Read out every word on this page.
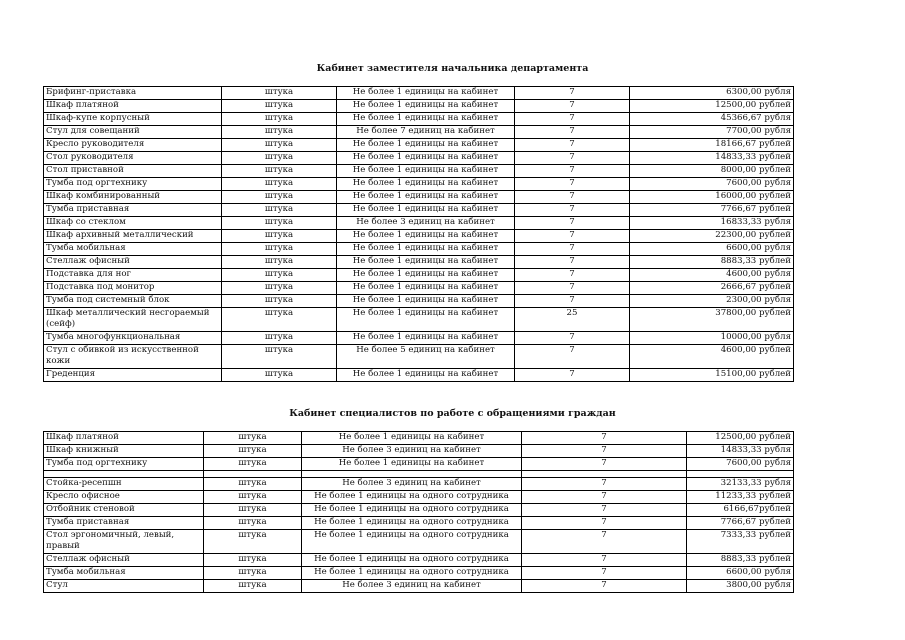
Кабинет заместителя начальника департамента
Брифинг-приставка	штука	Не более 1 единицы на кабинет	7	6300,00 рубля
Шкаф платяной	штука	Не более 1 единицы на кабинет	7	12500,00 рублей
Шкаф-купе корпусный	штука	Не более 1 единицы на кабинет	7	45366,67 рубля
Стул для совещаний	штука	Не более 7 единиц на кабинет	7	7700,00 рубля
Кресло руководителя	штука	Не более 1 единицы на кабинет	7	18166,67 рублей
Стол руководителя	штука	Не более 1 единицы на кабинет	7	14833,33 рублей
Стол приставной	штука	Не более 1 единицы на кабинет	7	8000,00 рублей
Тумба под оргтехнику	штука	Не более 1 единицы на кабинет	7	7600,00 рубля
Шкаф комбинированный	штука	Не более 1 единицы на кабинет	7	16000,00 рублей
Тумба приставная	штука	Не более 1 единицы на кабинет	7	7766,67 рублей
Шкаф со стеклом	штука	Не более 3 единиц на кабинет	7	16833,33 рубля
Шкаф архивный металлический	штука	Не более 1 единицы на кабинет	7	22300,00 рублей
Тумба мобильная	штука	Не более 1 единицы на кабинет	7	6600,00 рубля
Стеллаж офисный	штука	Не более 1 единицы на кабинет	7	8883,33 рублей
Подставка для ног	штука	Не более 1 единицы на кабинет	7	4600,00 рубля
Подставка под монитор	штука	Не более 1 единицы на кабинет	7	2666,67 рублей
Тумба под системный блок	штука	Не более 1 единицы на кабинет	7	2300,00 рубля
Шкаф металлический несгораемый (сейф)	штука	Не более 1 единицы на кабинет	25	37800,00 рублей
Тумба многофункциональная	штука	Не более 1 единицы на кабинет	7	10000,00 рубля
Стул с обивкой из искусственной кожи	штука	Не более 5 единиц на кабинет	7	4600,00 рублей
Греденция	штука	Не более 1 единицы на кабинет	7	15100,00 рублей
Кабинет специалистов по работе с обращениями граждан
Шкаф платяной	штука	Не более 1 единицы на кабинет	7	12500,00 рублей
Шкаф книжный	штука	Не более 3 единиц на кабинет	7	14833,33 рубля
Тумба под оргтехнику	штука	Не более 1 единицы на кабинет	7	7600,00 рубля

Стойка-ресепшн	штука	Не более 3 единиц на кабинет	7	32133,33 рубля
Кресло офисное	штука	Не более 1 единицы на одного сотрудника	7	11233,33 рублей
Отбойник стеновой	штука	Не более 1 единицы на одного сотрудника	7	6166,67рублей
Тумба приставная	штука	Не более 1 единицы на одного сотрудника	7	7766,67 рублей
Стол эргономичный, левый, правый	штука	Не более 1 единицы на одного сотрудника	7	7333,33 рублей
Стеллаж офисный	штука	Не более 1 единицы на одного сотрудника	7	8883,33 рублей
Тумба мобильная	штука	Не более 1 единицы на одного сотрудника	7	6600,00 рубля
Стул	штука	Не более 3 единиц на кабинет	7	3800,00 рубля
